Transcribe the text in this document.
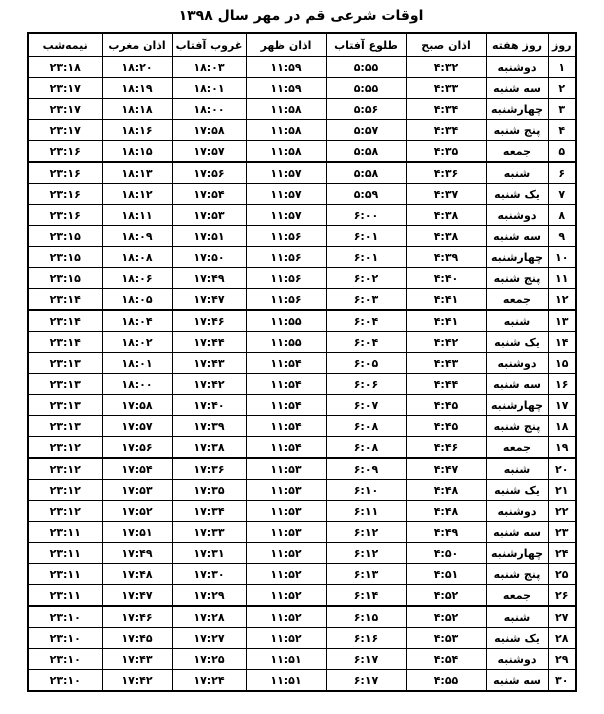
اوقات شرعی قم در مهر سال ۱۳۹۸
روز	روز هفته	اذان صبح	طلوع آفتاب	اذان ظهر	غروب آفتاب	اذان مغرب	نیمه‌شب
۱	دوشنبه	۴:۳۲	۵:۵۵	۱۱:۵۹	۱۸:۰۳	۱۸:۲۰	۲۳:۱۸
۲	سه شنبه	۴:۳۳	۵:۵۵	۱۱:۵۹	۱۸:۰۱	۱۸:۱۹	۲۳:۱۷
۳	چهارشنبه	۴:۳۴	۵:۵۶	۱۱:۵۸	۱۸:۰۰	۱۸:۱۸	۲۳:۱۷
۴	پنج شنبه	۴:۳۴	۵:۵۷	۱۱:۵۸	۱۷:۵۸	۱۸:۱۶	۲۳:۱۷
۵	جمعه	۴:۳۵	۵:۵۸	۱۱:۵۸	۱۷:۵۷	۱۸:۱۵	۲۳:۱۶
۶	شنبه	۴:۳۶	۵:۵۸	۱۱:۵۷	۱۷:۵۶	۱۸:۱۳	۲۳:۱۶
۷	یک شنبه	۴:۳۷	۵:۵۹	۱۱:۵۷	۱۷:۵۴	۱۸:۱۲	۲۳:۱۶
۸	دوشنبه	۴:۳۸	۶:۰۰	۱۱:۵۷	۱۷:۵۳	۱۸:۱۱	۲۳:۱۶
۹	سه شنبه	۴:۳۸	۶:۰۱	۱۱:۵۶	۱۷:۵۱	۱۸:۰۹	۲۳:۱۵
۱۰	چهارشنبه	۴:۳۹	۶:۰۱	۱۱:۵۶	۱۷:۵۰	۱۸:۰۸	۲۳:۱۵
۱۱	پنج شنبه	۴:۴۰	۶:۰۲	۱۱:۵۶	۱۷:۴۹	۱۸:۰۶	۲۳:۱۵
۱۲	جمعه	۴:۴۱	۶:۰۳	۱۱:۵۶	۱۷:۴۷	۱۸:۰۵	۲۳:۱۴
۱۳	شنبه	۴:۴۱	۶:۰۴	۱۱:۵۵	۱۷:۴۶	۱۸:۰۴	۲۳:۱۴
۱۴	یک شنبه	۴:۴۲	۶:۰۴	۱۱:۵۵	۱۷:۴۴	۱۸:۰۲	۲۳:۱۴
۱۵	دوشنبه	۴:۴۳	۶:۰۵	۱۱:۵۴	۱۷:۴۳	۱۸:۰۱	۲۳:۱۳
۱۶	سه شنبه	۴:۴۴	۶:۰۶	۱۱:۵۴	۱۷:۴۲	۱۸:۰۰	۲۳:۱۳
۱۷	چهارشنبه	۴:۴۵	۶:۰۷	۱۱:۵۴	۱۷:۴۰	۱۷:۵۸	۲۳:۱۳
۱۸	پنج شنبه	۴:۴۵	۶:۰۸	۱۱:۵۴	۱۷:۳۹	۱۷:۵۷	۲۳:۱۳
۱۹	جمعه	۴:۴۶	۶:۰۸	۱۱:۵۴	۱۷:۳۸	۱۷:۵۶	۲۳:۱۲
۲۰	شنبه	۴:۴۷	۶:۰۹	۱۱:۵۳	۱۷:۳۶	۱۷:۵۴	۲۳:۱۲
۲۱	یک شنبه	۴:۴۸	۶:۱۰	۱۱:۵۳	۱۷:۳۵	۱۷:۵۳	۲۳:۱۲
۲۲	دوشنبه	۴:۴۸	۶:۱۱	۱۱:۵۳	۱۷:۳۴	۱۷:۵۲	۲۳:۱۲
۲۳	سه شنبه	۴:۴۹	۶:۱۲	۱۱:۵۳	۱۷:۳۳	۱۷:۵۱	۲۳:۱۱
۲۴	چهارشنبه	۴:۵۰	۶:۱۲	۱۱:۵۲	۱۷:۳۱	۱۷:۴۹	۲۳:۱۱
۲۵	پنج شنبه	۴:۵۱	۶:۱۳	۱۱:۵۲	۱۷:۳۰	۱۷:۴۸	۲۳:۱۱
۲۶	جمعه	۴:۵۲	۶:۱۴	۱۱:۵۲	۱۷:۲۹	۱۷:۴۷	۲۳:۱۱
۲۷	شنبه	۴:۵۲	۶:۱۵	۱۱:۵۲	۱۷:۲۸	۱۷:۴۶	۲۳:۱۰
۲۸	یک شنبه	۴:۵۳	۶:۱۶	۱۱:۵۲	۱۷:۲۷	۱۷:۴۵	۲۳:۱۰
۲۹	دوشنبه	۴:۵۴	۶:۱۷	۱۱:۵۱	۱۷:۲۵	۱۷:۴۳	۲۳:۱۰
۳۰	سه شنبه	۴:۵۵	۶:۱۷	۱۱:۵۱	۱۷:۲۴	۱۷:۴۲	۲۳:۱۰
